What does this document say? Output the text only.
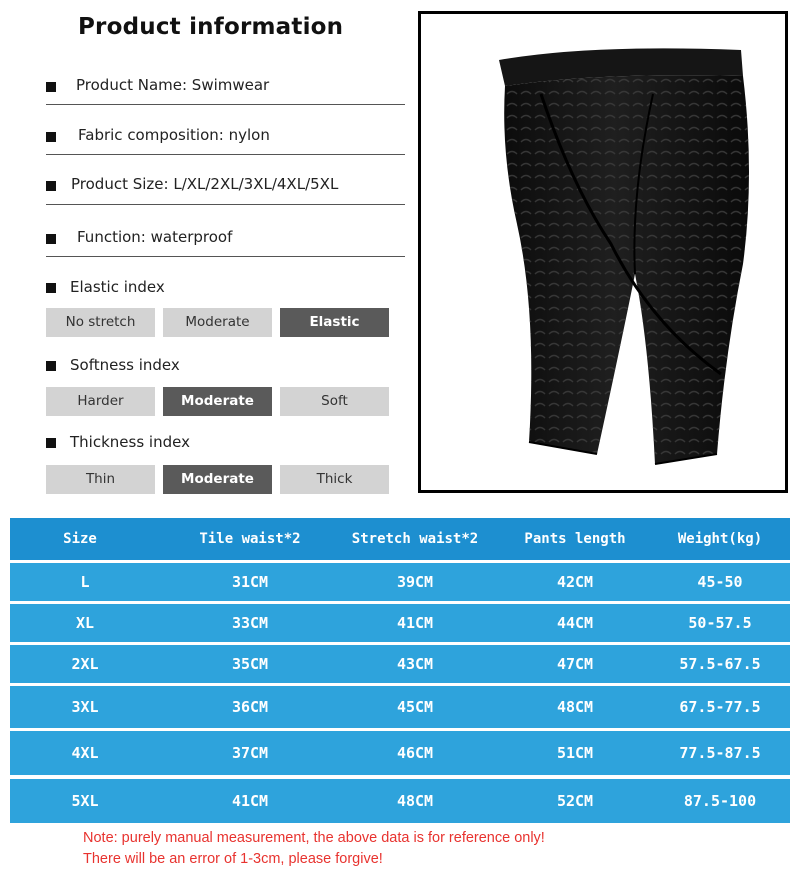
Product information
Product Name: Swimwear
Fabric composition: nylon
Product Size: L/XL/2XL/3XL/4XL/5XL
Function: waterproof
Elastic index
No stretch	Moderate	Elastic
Softness index
Harder	Moderate	Soft
Thickness index
Thin	Moderate	Thick
Size	Tile waist*2	Stretch waist*2	Pants length	Weight(kg)
L	31CM	39CM	42CM	45-50
XL	33CM	41CM	44CM	50-57.5
2XL	35CM	43CM	47CM	57.5-67.5
3XL	36CM	45CM	48CM	67.5-77.5
4XL	37CM	46CM	51CM	77.5-87.5
5XL	41CM	48CM	52CM	87.5-100
Note: purely manual measurement, the above data is for reference only!
There will be an error of 1-3cm, please forgive!
